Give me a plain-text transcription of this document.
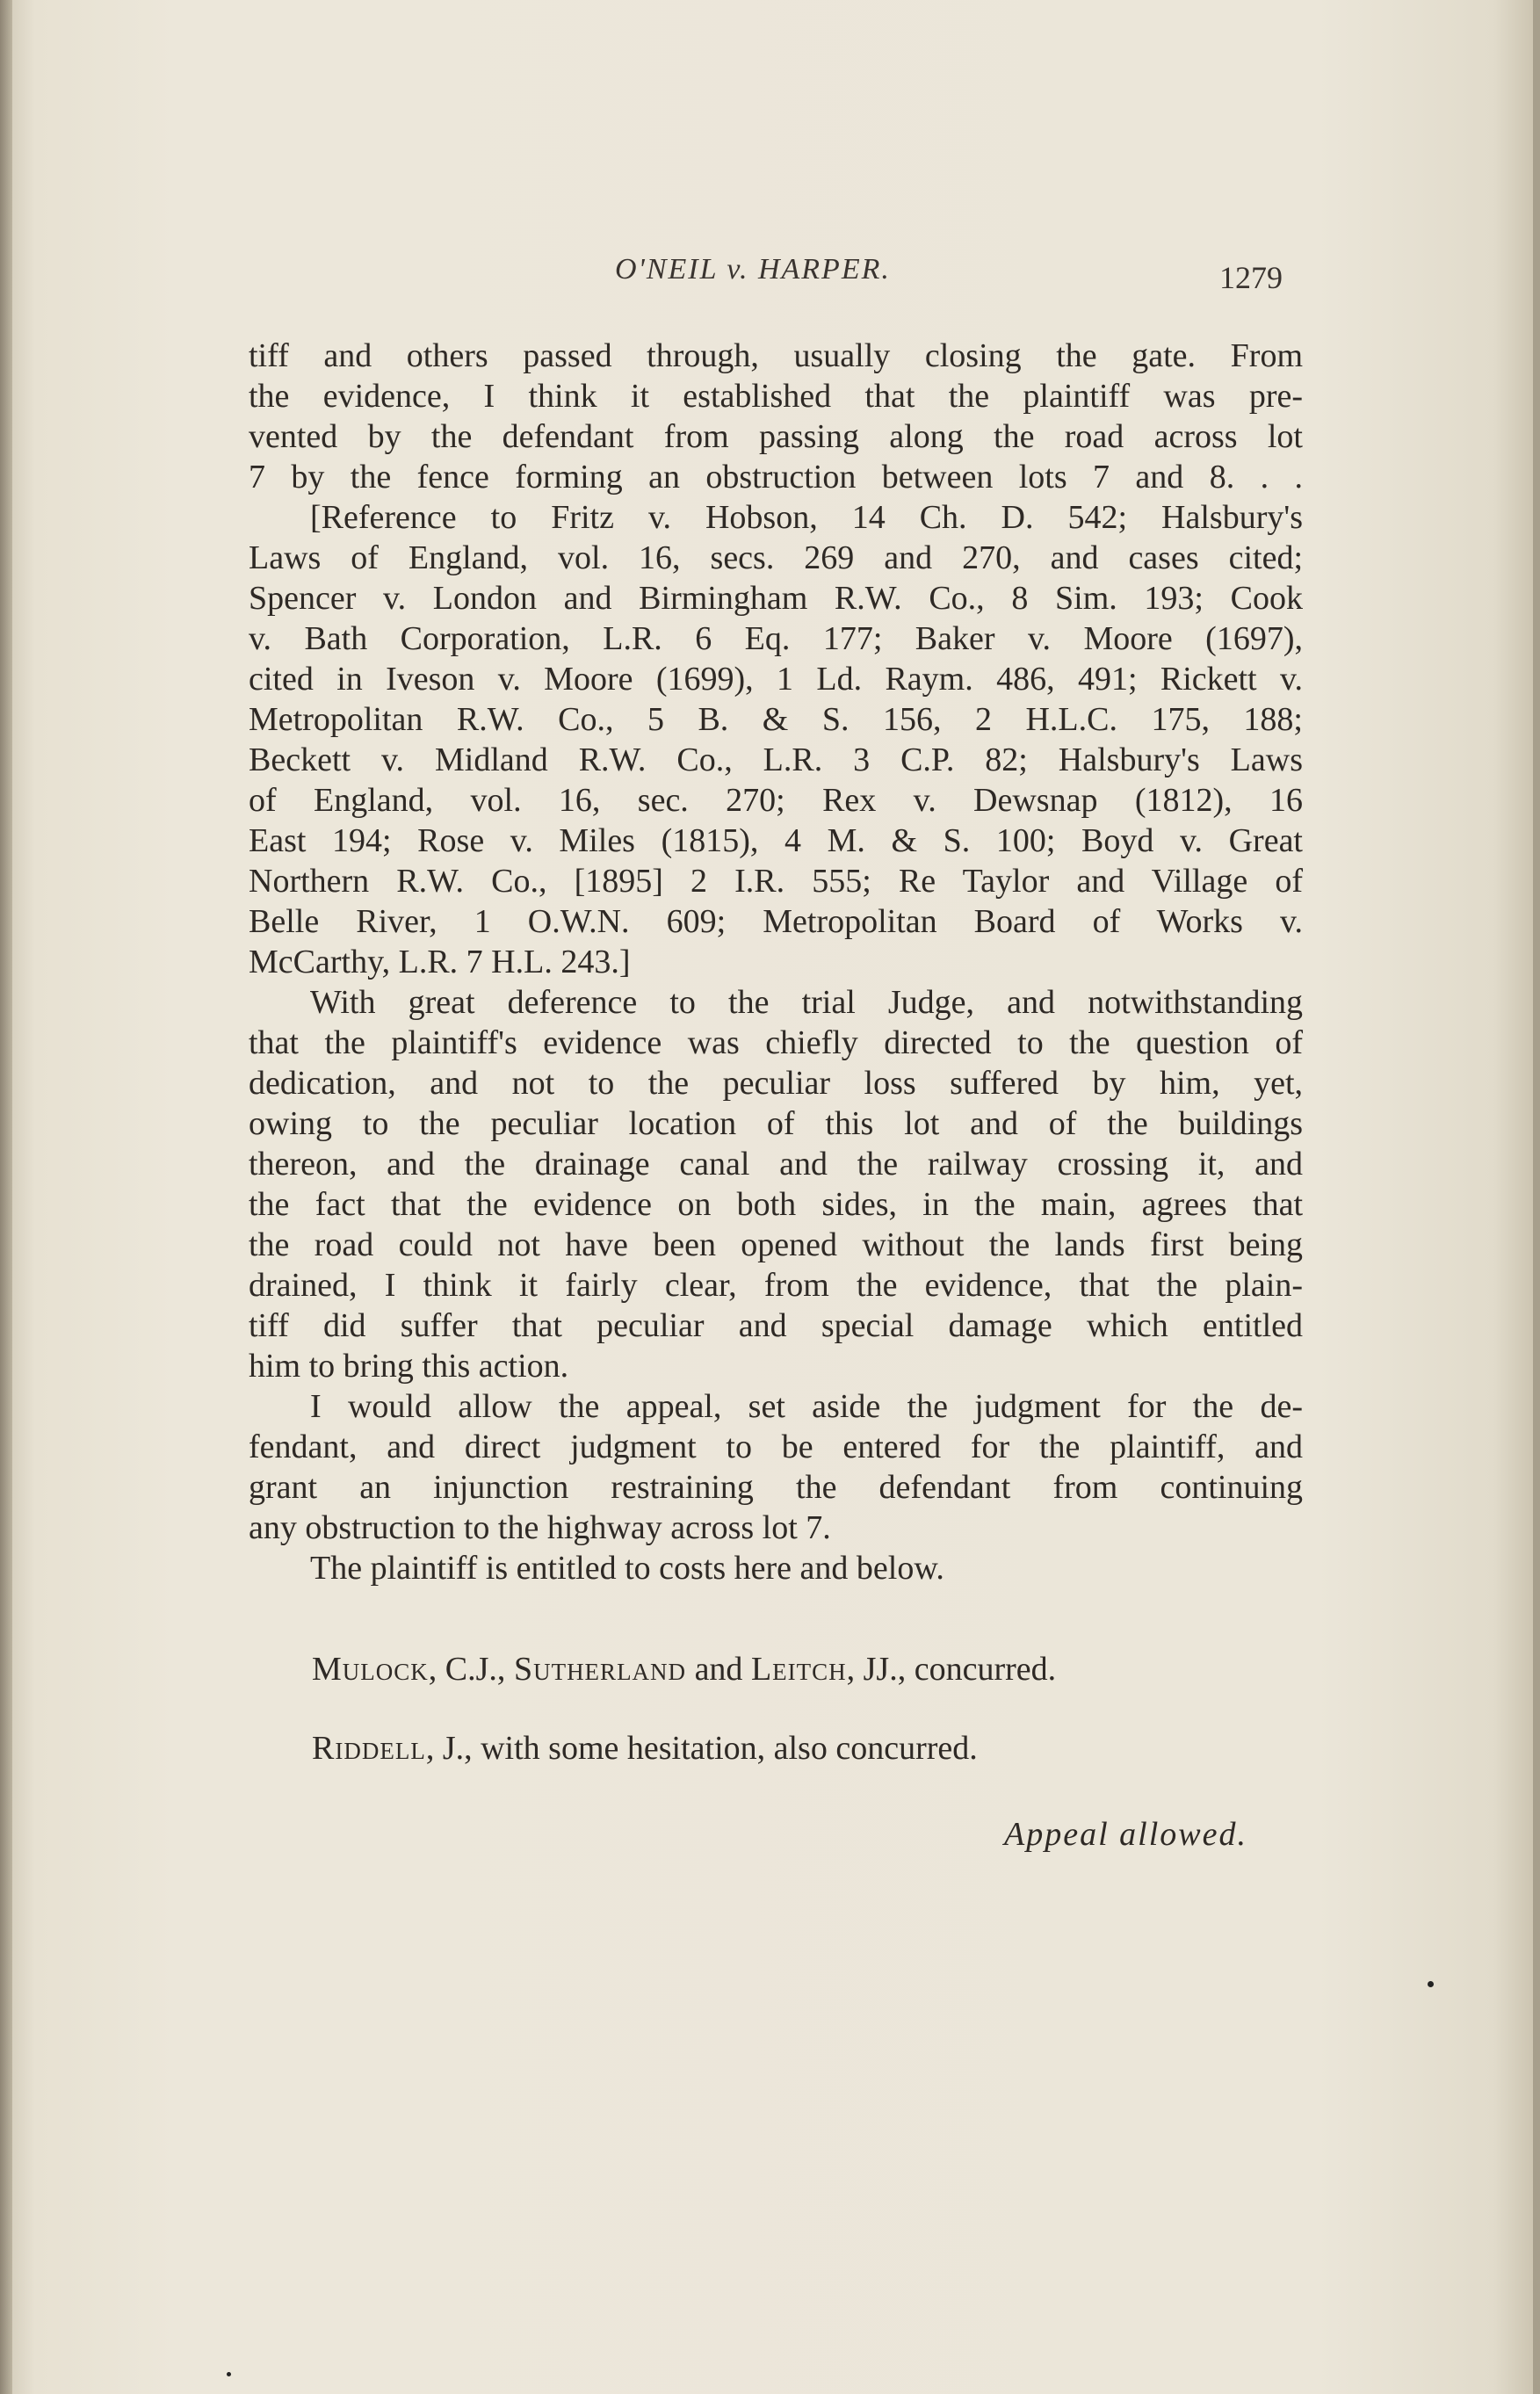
O'NEIL v. HARPER.	1279
tiff and others passed through, usually closing the gate. From
the evidence, I think it established that the plaintiff was pre-
vented by the defendant from passing along the road across lot
7 by the fence forming an obstruction between lots 7 and 8. . .
[Reference to Fritz v. Hobson, 14 Ch. D. 542; Halsbury's
Laws of England, vol. 16, secs. 269 and 270, and cases cited;
Spencer v. London and Birmingham R.W. Co., 8 Sim. 193; Cook
v. Bath Corporation, L.R. 6 Eq. 177; Baker v. Moore (1697),
cited in Iveson v. Moore (1699), 1 Ld. Raym. 486, 491; Rickett v.
Metropolitan R.W. Co., 5 B. & S. 156, 2 H.L.C. 175, 188;
Beckett v. Midland R.W. Co., L.R. 3 C.P. 82; Halsbury's Laws
of England, vol. 16, sec. 270; Rex v. Dewsnap (1812), 16
East 194; Rose v. Miles (1815), 4 M. & S. 100; Boyd v. Great
Northern R.W. Co., [1895] 2 I.R. 555; Re Taylor and Village of
Belle River, 1 O.W.N. 609; Metropolitan Board of Works v.
McCarthy, L.R. 7 H.L. 243.]
With great deference to the trial Judge, and notwithstanding
that the plaintiff's evidence was chiefly directed to the question of
dedication, and not to the peculiar loss suffered by him, yet,
owing to the peculiar location of this lot and of the buildings
thereon, and the drainage canal and the railway crossing it, and
the fact that the evidence on both sides, in the main, agrees that
the road could not have been opened without the lands first being
drained, I think it fairly clear, from the evidence, that the plain-
tiff did suffer that peculiar and special damage which entitled
him to bring this action.
I would allow the appeal, set aside the judgment for the de-
fendant, and direct judgment to be entered for the plaintiff, and
grant an injunction restraining the defendant from continuing
any obstruction to the highway across lot 7.
The plaintiff is entitled to costs here and below.
Mulock, C.J., Sutherland and Leitch, JJ., concurred.
Riddell, J., with some hesitation, also concurred.
Appeal allowed.
